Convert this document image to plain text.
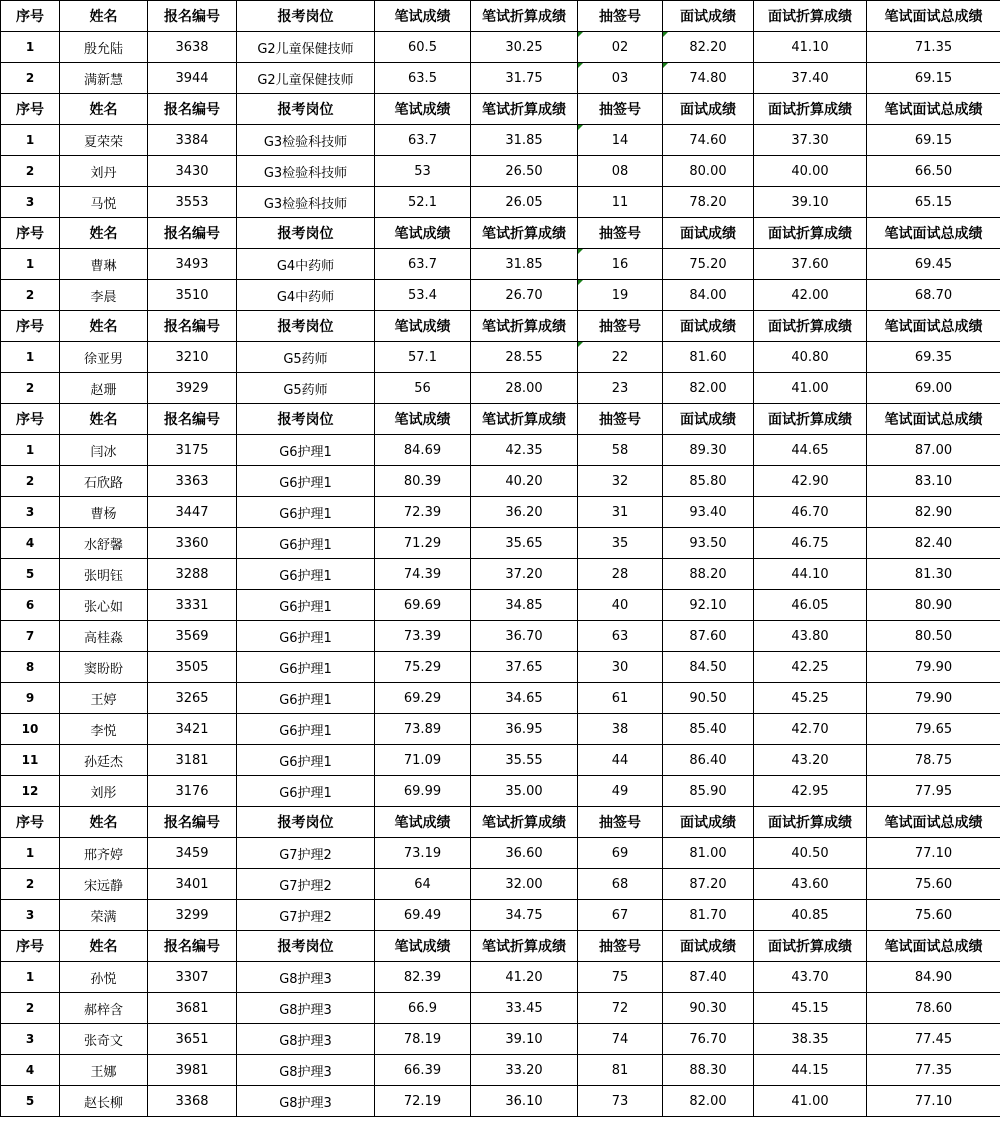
序号	姓名	报名编号	报考岗位	笔试成绩	笔试折算成绩	抽签号	面试成绩	面试折算成绩	笔试面试总成绩
1	殷允陆	3638	G2儿童保健技师	60.5	30.25	02	82.20	41.10	71.35
2	满新慧	3944	G2儿童保健技师	63.5	31.75	03	74.80	37.40	69.15
序号	姓名	报名编号	报考岗位	笔试成绩	笔试折算成绩	抽签号	面试成绩	面试折算成绩	笔试面试总成绩
1	夏荣荣	3384	G3检验科技师	63.7	31.85	14	74.60	37.30	69.15
2	刘丹	3430	G3检验科技师	53	26.50	08	80.00	40.00	66.50
3	马悦	3553	G3检验科技师	52.1	26.05	11	78.20	39.10	65.15
序号	姓名	报名编号	报考岗位	笔试成绩	笔试折算成绩	抽签号	面试成绩	面试折算成绩	笔试面试总成绩
1	曹琳	3493	G4中药师	63.7	31.85	16	75.20	37.60	69.45
2	李晨	3510	G4中药师	53.4	26.70	19	84.00	42.00	68.70
序号	姓名	报名编号	报考岗位	笔试成绩	笔试折算成绩	抽签号	面试成绩	面试折算成绩	笔试面试总成绩
1	徐亚男	3210	G5药师	57.1	28.55	22	81.60	40.80	69.35
2	赵珊	3929	G5药师	56	28.00	23	82.00	41.00	69.00
序号	姓名	报名编号	报考岗位	笔试成绩	笔试折算成绩	抽签号	面试成绩	面试折算成绩	笔试面试总成绩
1	闫冰	3175	G6护理1	84.69	42.35	58	89.30	44.65	87.00
2	石欣路	3363	G6护理1	80.39	40.20	32	85.80	42.90	83.10
3	曹杨	3447	G6护理1	72.39	36.20	31	93.40	46.70	82.90
4	水舒馨	3360	G6护理1	71.29	35.65	35	93.50	46.75	82.40
5	张明钰	3288	G6护理1	74.39	37.20	28	88.20	44.10	81.30
6	张心如	3331	G6护理1	69.69	34.85	40	92.10	46.05	80.90
7	高桂淼	3569	G6护理1	73.39	36.70	63	87.60	43.80	80.50
8	窦盼盼	3505	G6护理1	75.29	37.65	30	84.50	42.25	79.90
9	王婷	3265	G6护理1	69.29	34.65	61	90.50	45.25	79.90
10	李悦	3421	G6护理1	73.89	36.95	38	85.40	42.70	79.65
11	孙廷杰	3181	G6护理1	71.09	35.55	44	86.40	43.20	78.75
12	刘彤	3176	G6护理1	69.99	35.00	49	85.90	42.95	77.95
序号	姓名	报名编号	报考岗位	笔试成绩	笔试折算成绩	抽签号	面试成绩	面试折算成绩	笔试面试总成绩
1	邢齐婷	3459	G7护理2	73.19	36.60	69	81.00	40.50	77.10
2	宋远静	3401	G7护理2	64	32.00	68	87.20	43.60	75.60
3	荣满	3299	G7护理2	69.49	34.75	67	81.70	40.85	75.60
序号	姓名	报名编号	报考岗位	笔试成绩	笔试折算成绩	抽签号	面试成绩	面试折算成绩	笔试面试总成绩
1	孙悦	3307	G8护理3	82.39	41.20	75	87.40	43.70	84.90
2	郝梓含	3681	G8护理3	66.9	33.45	72	90.30	45.15	78.60
3	张奇文	3651	G8护理3	78.19	39.10	74	76.70	38.35	77.45
4	王娜	3981	G8护理3	66.39	33.20	81	88.30	44.15	77.35
5	赵长柳	3368	G8护理3	72.19	36.10	73	82.00	41.00	77.10
